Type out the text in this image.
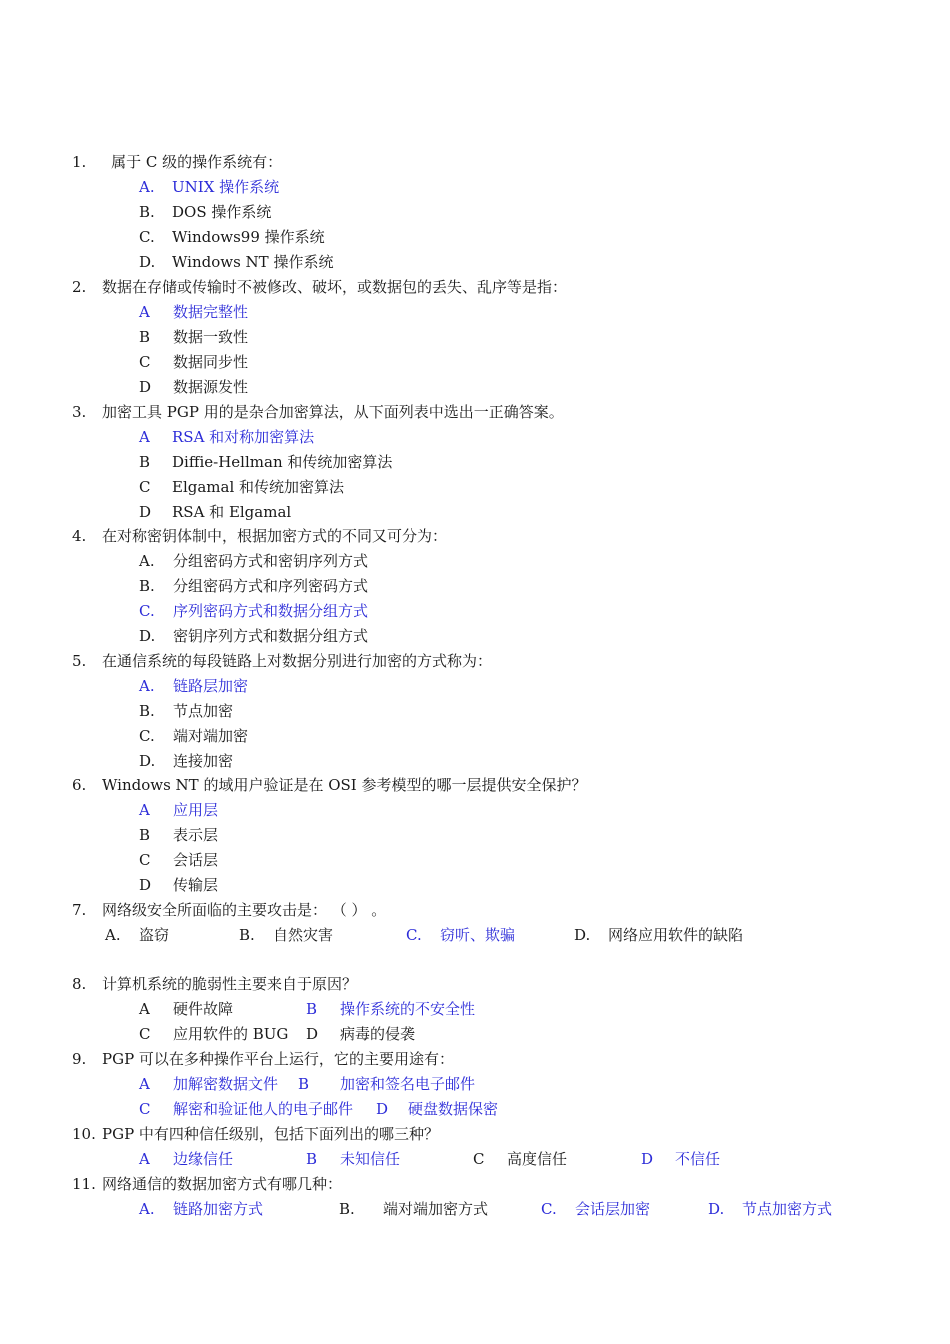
1. 属于 C 级的操作系统有：
A. UNIX 操作系统
B. DOS 操作系统
C. Windows99 操作系统
D. Windows NT 操作系统
2. 数据在存储或传输时不被修改、破坏，或数据包的丢失、乱序等是指：
A 数据完整性
B 数据一致性
C 数据同步性
D 数据源发性
3. 加密工具 PGP 用的是杂合加密算法，从下面列表中选出一正确答案。
A RSA 和对称加密算法
B Diffie-Hellman 和传统加密算法
C Elgamal 和传统加密算法
D RSA 和 Elgamal
4. 在对称密钥体制中，根据加密方式的不同又可分为：
A. 分组密码方式和密钥序列方式
B. 分组密码方式和序列密码方式
C. 序列密码方式和数据分组方式
D. 密钥序列方式和数据分组方式
5. 在通信系统的每段链路上对数据分别进行加密的方式称为：
A. 链路层加密
B. 节点加密
C. 端对端加密
D. 连接加密
6. Windows NT 的域用户验证是在 OSI 参考模型的哪一层提供安全保护？
A 应用层
B 表示层
C 会话层
D 传输层
7. 网络级安全所面临的主要攻击是： （ ） 。
A. 盗窃	B. 自然灾害	C. 窃听、欺骗	D. 网络应用软件的缺陷
8. 计算机系统的脆弱性主要来自于原因？
A 硬件故障	B 操作系统的不安全性
C 应用软件的 BUG D 病毒的侵袭
9. PGP 可以在多种操作平台上运行，它的主要用途有：
A 加解密数据文件 B 加密和签名电子邮件
C 解密和验证他人的电子邮件 D 硬盘数据保密
10. PGP 中有四种信任级别，包括下面列出的哪三种？
A 边缘信任	B 未知信任	C 高度信任	D 不信任
11. 网络通信的数据加密方式有哪几种：
A. 链路加密方式	B. 端对端加密方式	C. 会话层加密	D. 节点加密方式
